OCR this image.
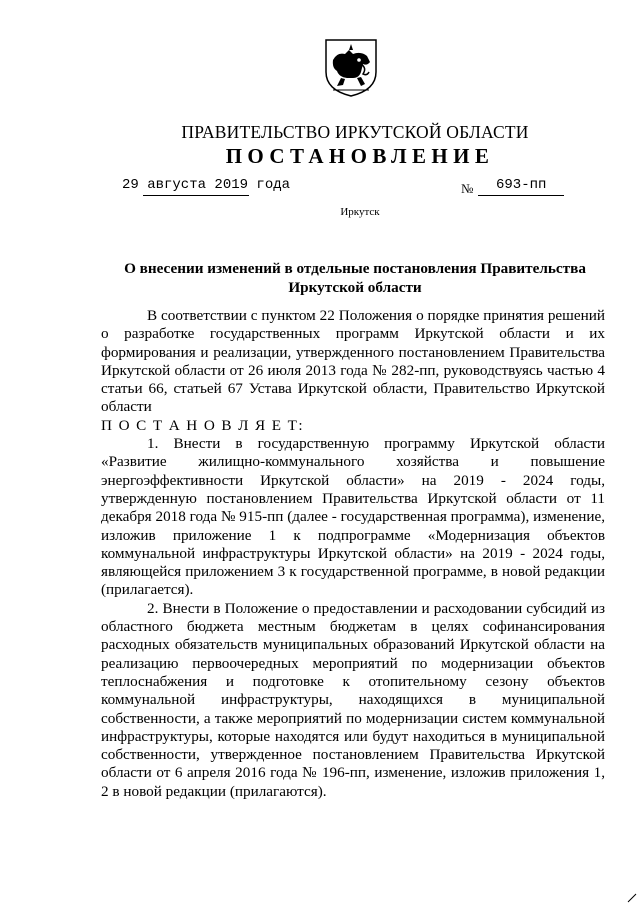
ПРАВИТЕЛЬСТВО ИРКУТСКОЙ ОБЛАСТИ
ПОСТАНОВЛЕНИЕ
29 августа 2019 года	№ 693-пп
Иркутск
О внесении изменений в отдельные постановления Правительства
Иркутской области

В соответствии с пунктом 22 Положения о порядке принятия решений о разработке государственных программ Иркутской области и их формирования и реализации, утвержденного постановлением Правительства Иркутской области от 26 июля 2013 года № 282-пп, руководствуясь частью 4 статьи 66, статьей 67 Устава Иркутской области, Правительство Иркутской области

П О С Т А Н О В Л Я Е Т:

1. Внести в государственную программу Иркутской области «Развитие жилищно-коммунального хозяйства и повышение энергоэффективности Иркутской области» на 2019 - 2024 годы, утвержденную постановлением Правительства Иркутской области от 11 декабря 2018 года № 915-пп (далее - государственная программа), изменение, изложив приложение 1 к подпрограмме «Модернизация объектов коммунальной инфраструктуры Иркутской области» на 2019 - 2024 годы, являющейся приложением 3 к государственной программе, в новой редакции (прилагается).

2. Внести в Положение о предоставлении и расходовании субсидий из областного бюджета местным бюджетам в целях софинансирования расходных обязательств муниципальных образований Иркутской области на реализацию первоочередных мероприятий по модернизации объектов теплоснабжения и подготовке к отопительному сезону объектов коммунальной инфраструктуры, находящихся в муниципальной собственности, а также мероприятий по модернизации систем коммунальной инфраструктуры, которые находятся или будут находиться в муниципальной собственности, утвержденное постановлением Правительства Иркутской области от 6 апреля 2016 года № 196-пп, изменение, изложив приложения 1, 2 в новой редакции (прилагаются).
